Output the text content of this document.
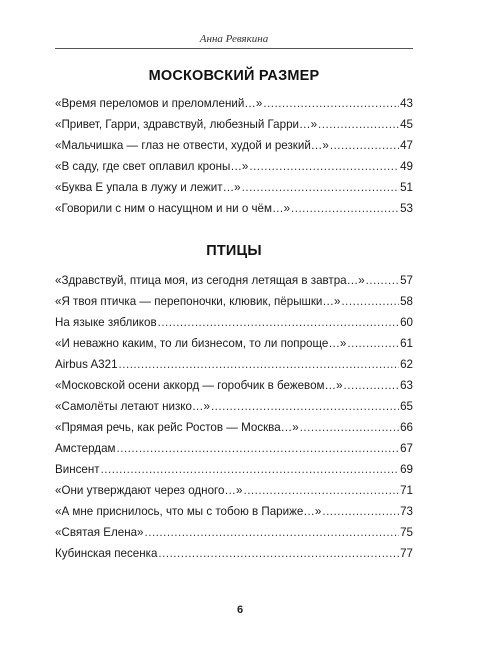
Анна Ревякина
МОСКОВСКИЙ РАЗМЕР
«Время переломов и преломлений…» .....	43
«Привет, Гарри, здравствуй, любезный Гарри…» .....	45
«Мальчишка — глаз не отвести, худой и резкий…» .....	47
«В саду, где свет оплавил кроны…» .....	49
«Буква Е упала в лужу и лежит…» .....	51
«Говорили с ним о насущном и ни о чём…» .....	53
ПТИЦЫ
«Здравствуй, птица моя, из сегодня летящая в завтра…» .....	57
«Я твоя птичка — перепоночки, клювик, пёрышки…» .....	58
На языке зябликов .....	60
«И неважно каким, то ли бизнесом, то ли попроще…» .....	61
Airbus A321 .....	62
«Московской осени аккорд — горобчик в бежевом…» .....	63
«Самолёты летают низко…» .....	65
«Прямая речь, как рейс Ростов — Москва…» .....	66
Амстердам .....	67
Винсент .....	69
«Они утверждают через одного…» .....	71
«А мне приснилось, что мы с тобою в Париже…» .....	73
«Святая Елена» .....	75
Кубинская песенка .....	77
6
